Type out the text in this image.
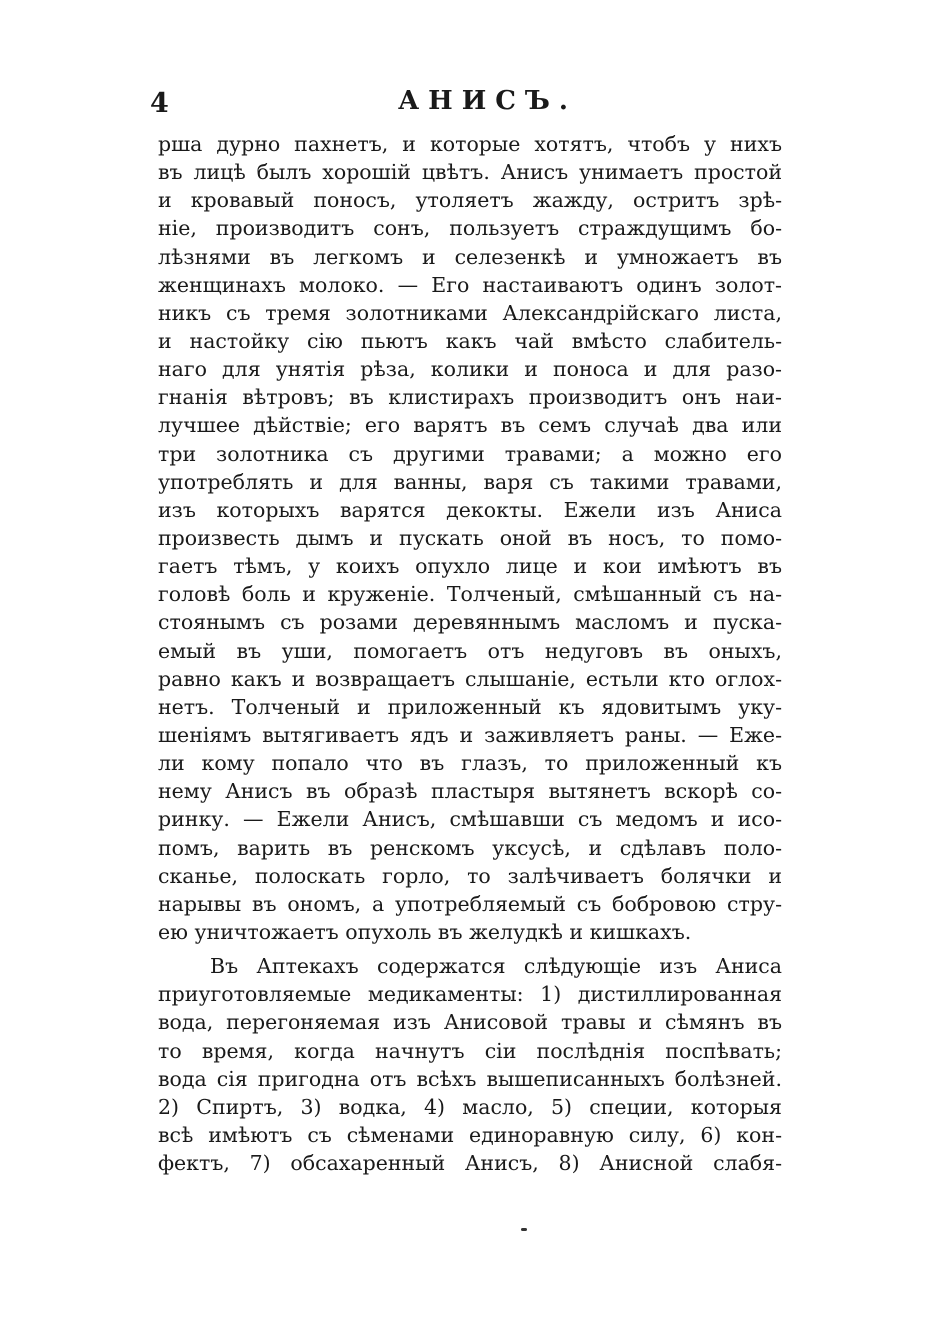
4	АНИСЪ.
рша дурно пахнетъ, и которые хотятъ, чтобъ у нихъ
въ лицѣ былъ хорошій цвѣтъ. Анисъ унимаетъ простой
и кровавый поносъ, утоляетъ жажду, остритъ зрѣ-
ніе, производитъ сонъ, пользуетъ страждущимъ бо-
лѣзнями въ легкомъ и селезенкѣ и умножаетъ въ
женщинахъ молоко. — Его настаиваютъ одинъ золот-
никъ съ тремя золотниками Александрійскаго листа,
и настойку сію пьютъ какъ чай вмѣсто слабитель-
наго для унятія рѣза, колики и поноса и для разо-
гнанія вѣтровъ; въ клистирахъ производитъ онъ наи-
лучшее дѣйствіе; его варятъ въ семъ случаѣ два или
три золотника съ другими травами; а можно его
употреблять и для ванны, варя съ такими травами,
изъ которыхъ варятся декокты. Ежели изъ Аниса
произвесть дымъ и пускать оной въ носъ, то помо-
гаетъ тѣмъ, у коихъ опухло лице и кои имѣютъ въ
головѣ боль и круженіе. Толченый, смѣшанный съ на-
стоянымъ съ розами деревяннымъ масломъ и пуска-
емый въ уши, помогаетъ отъ недуговъ въ оныхъ,
равно какъ и возвращаетъ слышаніе, естьли кто оглох-
нетъ. Толченый и приложенный къ ядовитымъ уку-
шеніямъ вытягиваетъ ядъ и заживляетъ раны. — Еже-
ли кому попало что въ глазъ, то приложенный къ
нему Анисъ въ образѣ пластыря вытянетъ вскорѣ со-
ринку. — Ежели Анисъ, смѣшавши съ медомъ и исо-
помъ, варить въ ренскомъ уксусѣ, и сдѣлавъ поло-
сканье, полоскать горло, то залѣчиваетъ болячки и
нарывы въ ономъ, а употребляемый съ бобровою стру-
ею уничтожаетъ опухоль въ желудкѣ и кишкахъ.
Въ Аптекахъ содержатся слѣдующіе изъ Аниса
приуготовляемые медикаменты: 1) дистиллированная
вода, перегоняемая изъ Анисовой травы и сѣмянъ въ
то время, когда начнутъ сіи послѣднія поспѣвать;
вода сія пригодна отъ всѣхъ вышеписанныхъ болѣзней.
2) Спиртъ, 3) водка, 4) масло, 5) специи, которыя
всѣ имѣютъ съ сѣменами единоравную силу, 6) кон-
фектъ, 7) обсахаренный Анисъ, 8) Анисной слабя-
